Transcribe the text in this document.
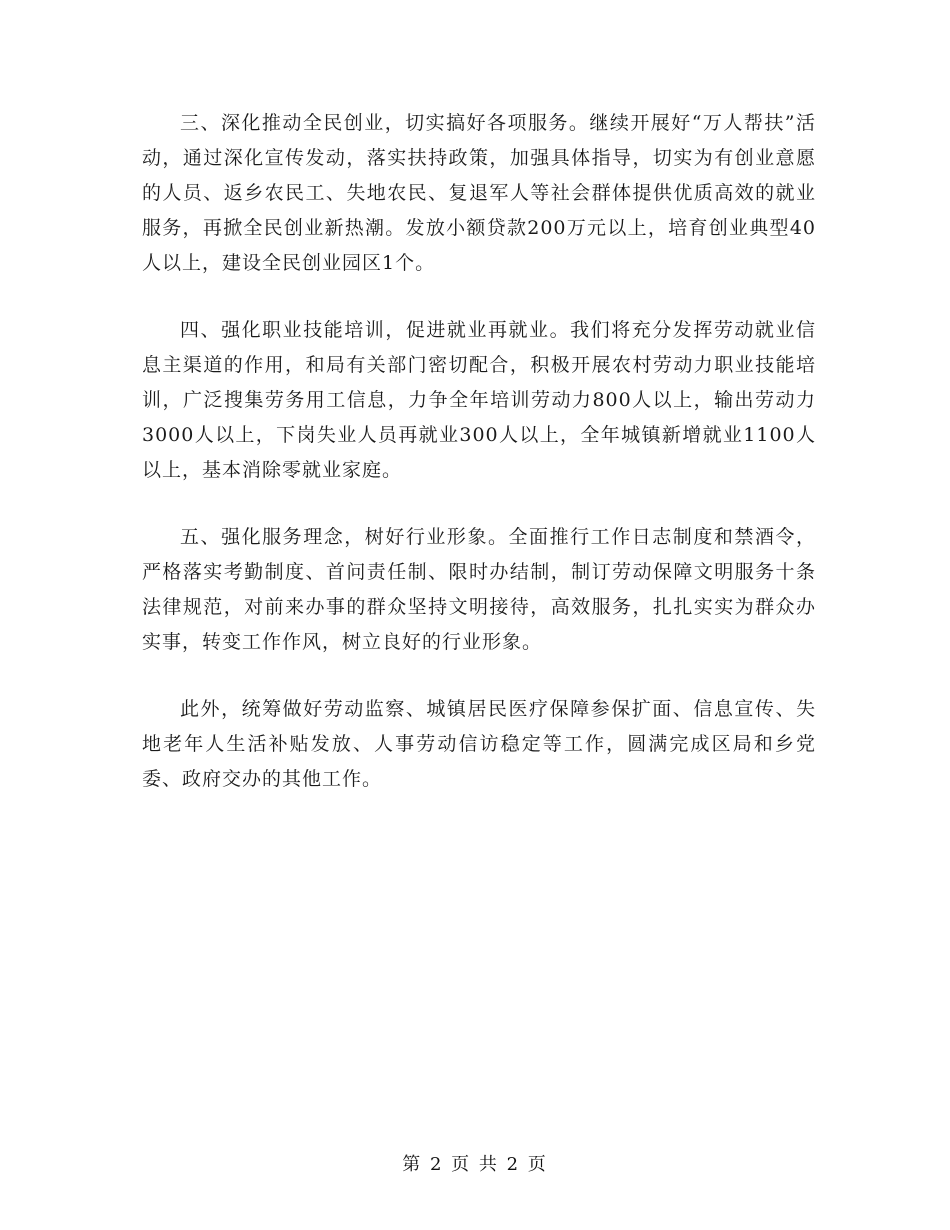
三、深化推动全民创业，切实搞好各项服务。继续开展好“万人帮扶”活动，通过深化宣传发动，落实扶持政策，加强具体指导，切实为有创业意愿的人员、返乡农民工、失地农民、复退军人等社会群体提供优质高效的就业服务，再掀全民创业新热潮。发放小额贷款200万元以上，培育创业典型40人以上，建设全民创业园区1个。

四、强化职业技能培训，促进就业再就业。我们将充分发挥劳动就业信息主渠道的作用，和局有关部门密切配合，积极开展农村劳动力职业技能培训，广泛搜集劳务用工信息，力争全年培训劳动力800人以上，输出劳动力3000人以上，下岗失业人员再就业300人以上，全年城镇新增就业1100人以上，基本消除零就业家庭。

五、强化服务理念，树好行业形象。全面推行工作日志制度和禁酒令，严格落实考勤制度、首问责任制、限时办结制，制订劳动保障文明服务十条法律规范，对前来办事的群众坚持文明接待，高效服务，扎扎实实为群众办实事，转变工作作风，树立良好的行业形象。

此外，统筹做好劳动监察、城镇居民医疗保障参保扩面、信息宣传、失地老年人生活补贴发放、人事劳动信访稳定等工作，圆满完成区局和乡党委、政府交办的其他工作。

第 2 页 共 2 页
